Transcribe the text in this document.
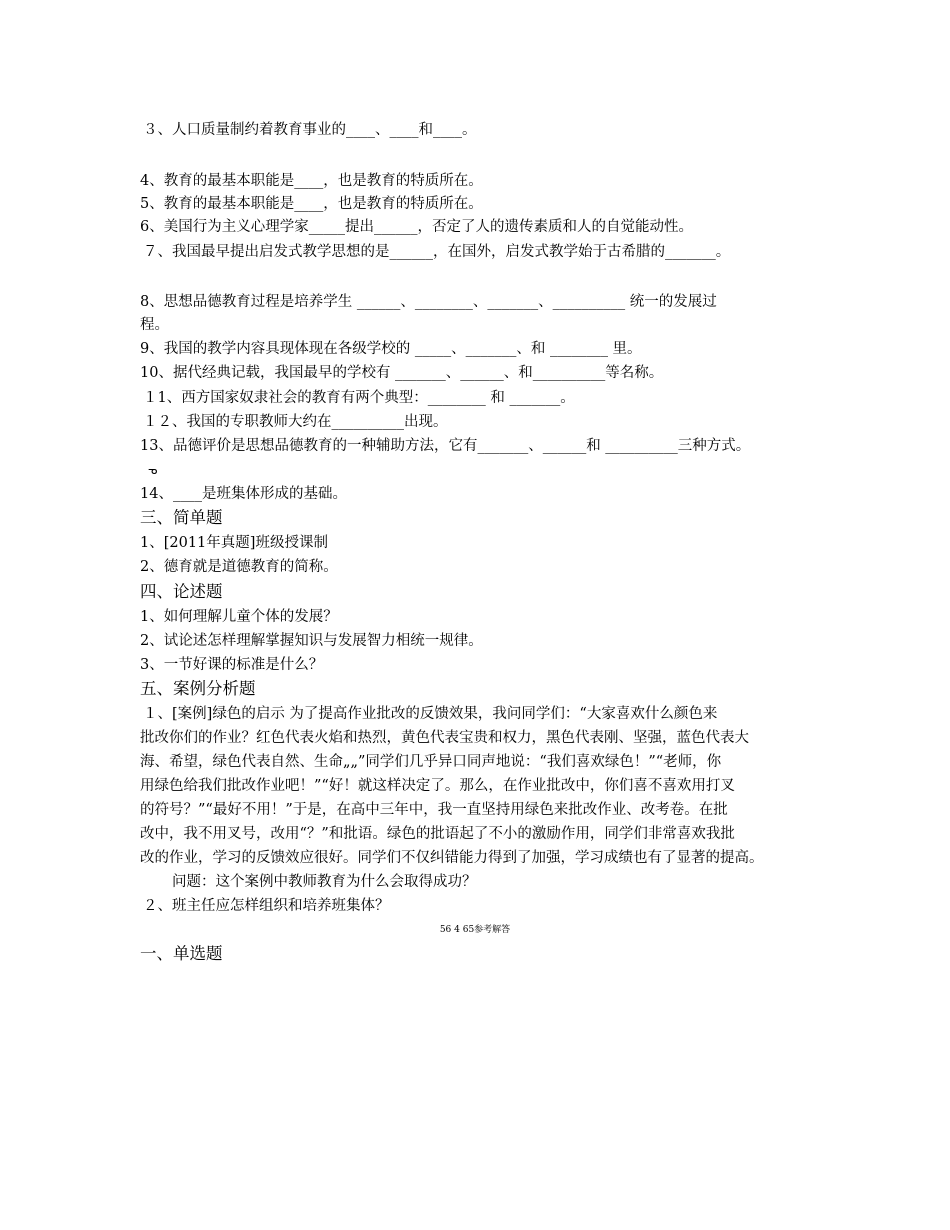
３、人口质量制约着教育事业的____、____和____。
4、教育的最基本职能是____，也是教育的特质所在。
5、教育的最基本职能是____，也是教育的特质所在。
6、美国行为主义心理学家_____提出______，否定了人的遗传素质和人的自觉能动性。
７、我国最早提出启发式教学思想的是______，在国外，启发式教学始于古希腊的_______。
8、思想品德教育过程是培养学生 ______、________、_______、__________ 统一的发展过
程。
9、我国的教学内容具现体现在各级学校的 _____、_______、和 ________ 里。
10、据代经典记载，我国最早的学校有 _______、______、和__________等名称。
１1、西方国家奴隶社会的教育有两个典型：________ 和 _______。
１２、我国的专职教师大约在__________出现。
13、品德评价是思想品德教育的一种辅助方法，它有_______、______和 __________三种方式。
ᓀ
14、____是班集体形成的基础。
三、简单题
1、[2011年真题]班级授课制
2、德育就是道德教育的简称。
四、论述题
1、如何理解儿童个体的发展？
2、试论述怎样理解掌握知识与发展智力相统一规律。
3、一节好课的标准是什么？
五、案例分析题
１、[案例]绿色的启示 为了提高作业批改的反馈效果，我问同学们：“大家喜欢什么颜色来
批改你们的作业？红色代表火焰和热烈，黄色代表宝贵和权力，黑色代表刚、坚强，蓝色代表大
海、希望，绿色代表自然、生命„„”同学们几乎异口同声地说：“我们喜欢绿色！”“老师，你
用绿色给我们批改作业吧！”“好！就这样决定了。那么，在作业批改中，你们喜不喜欢用打叉
的符号？”“最好不用！”于是，在高中三年中，我一直坚持用绿色来批改作业、改考卷。在批
改中，我不用叉号，改用“？”和批语。绿色的批语起了不小的激励作用，同学们非常喜欢我批
改的作业，学习的反馈效应很好。同学们不仅纠错能力得到了加强，学习成绩也有了显著的提高。
问题：这个案例中教师教育为什么会取得成功？
２、班主任应怎样组织和培养班集体？
56 4 65参考解答
一、单选题
